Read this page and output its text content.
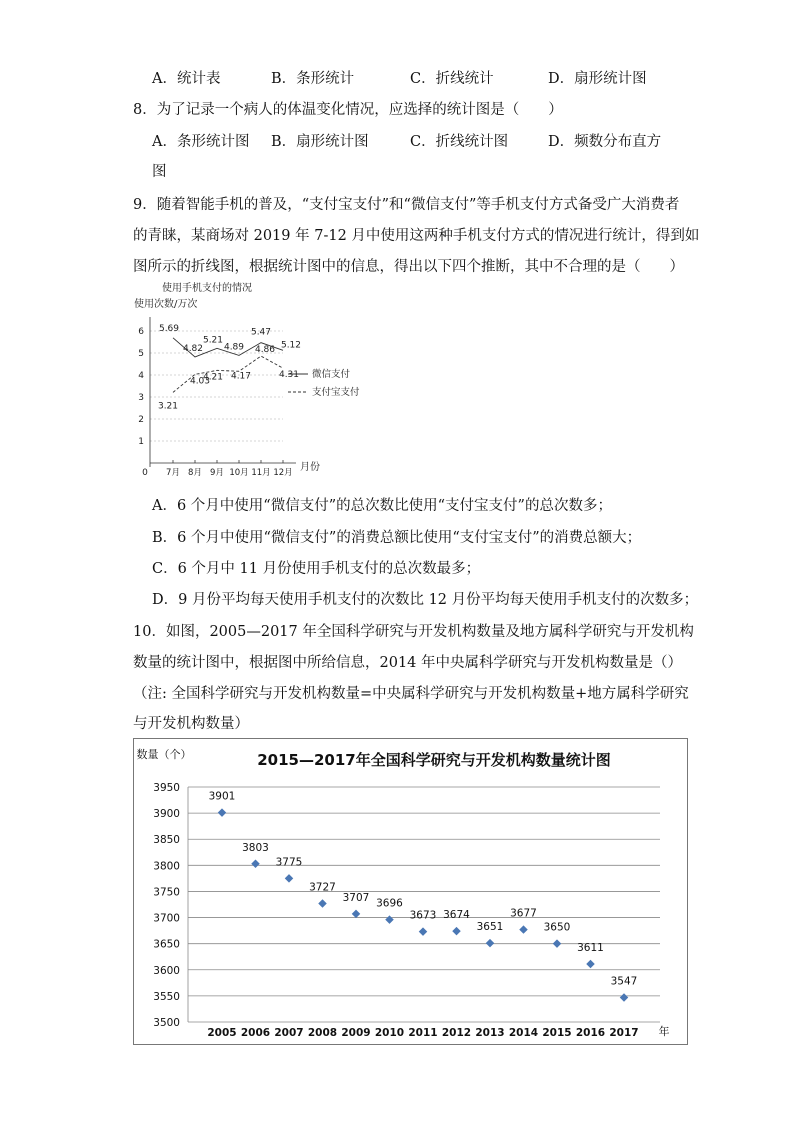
A．统计表	B．条形统计	C．折线统计	D．扇形统计图
8．为了记录一个病人的体温变化情况，应选择的统计图是（　　）
A．条形统计图 B．扇形统计图	C．折线统计图	D．频数分布直方
图
9．随着智能手机的普及，“支付宝支付”和“微信支付”等手机支付方式备受广大消费者
的青睐，某商场对 2019 年 7-12 月中使用这两种手机支付方式的情况进行统计，得到如
图所示的折线图，根据统计图中的信息，得出以下四个推断，其中不合理的是（　　）
使用手机支付的情况
使用次数/万次
月份
0
1
2
3
4
5
6
7月 8月 9月 10月 11月 12月
5.69
4.82
5.21
4.89
5.47
5.12
微信支付
3.21
4.03
4.21 4.17
4.86
4.31
支付宝支付
A．6 个月中使用“微信支付”的总次数比使用“支付宝支付”的总次数多；
B．6 个月中使用“微信支付”的消费总额比使用“支付宝支付”的消费总额大；
C．6 个月中 11 月份使用手机支付的总次数最多；
D．9 月份平均每天使用手机支付的次数比 12 月份平均每天使用手机支付的次数多；
10．如图，2005—2017 年全国科学研究与开发机构数量及地方属科学研究与开发机构
数量的统计图中，根据图中所给信息，2014 年中央属科学研究与开发机构数量是（）
（注: 全国科学研究与开发机构数量=中央属科学研究与开发机构数量+地方属科学研究
与开发机构数量）
2015—2017年全国科学研究与开发机构数量统计图
数量（个）
年
3500
3550
3600
3650
3700
3750
3800
3850
3900
3950
2005
3901
2006
3803
2007
3775
2008
3727
2009
3707
2010
3696
2011
3673
2012
3674
2013
3651
2014
3677
2015
3650
2016
3611
2017
3547
